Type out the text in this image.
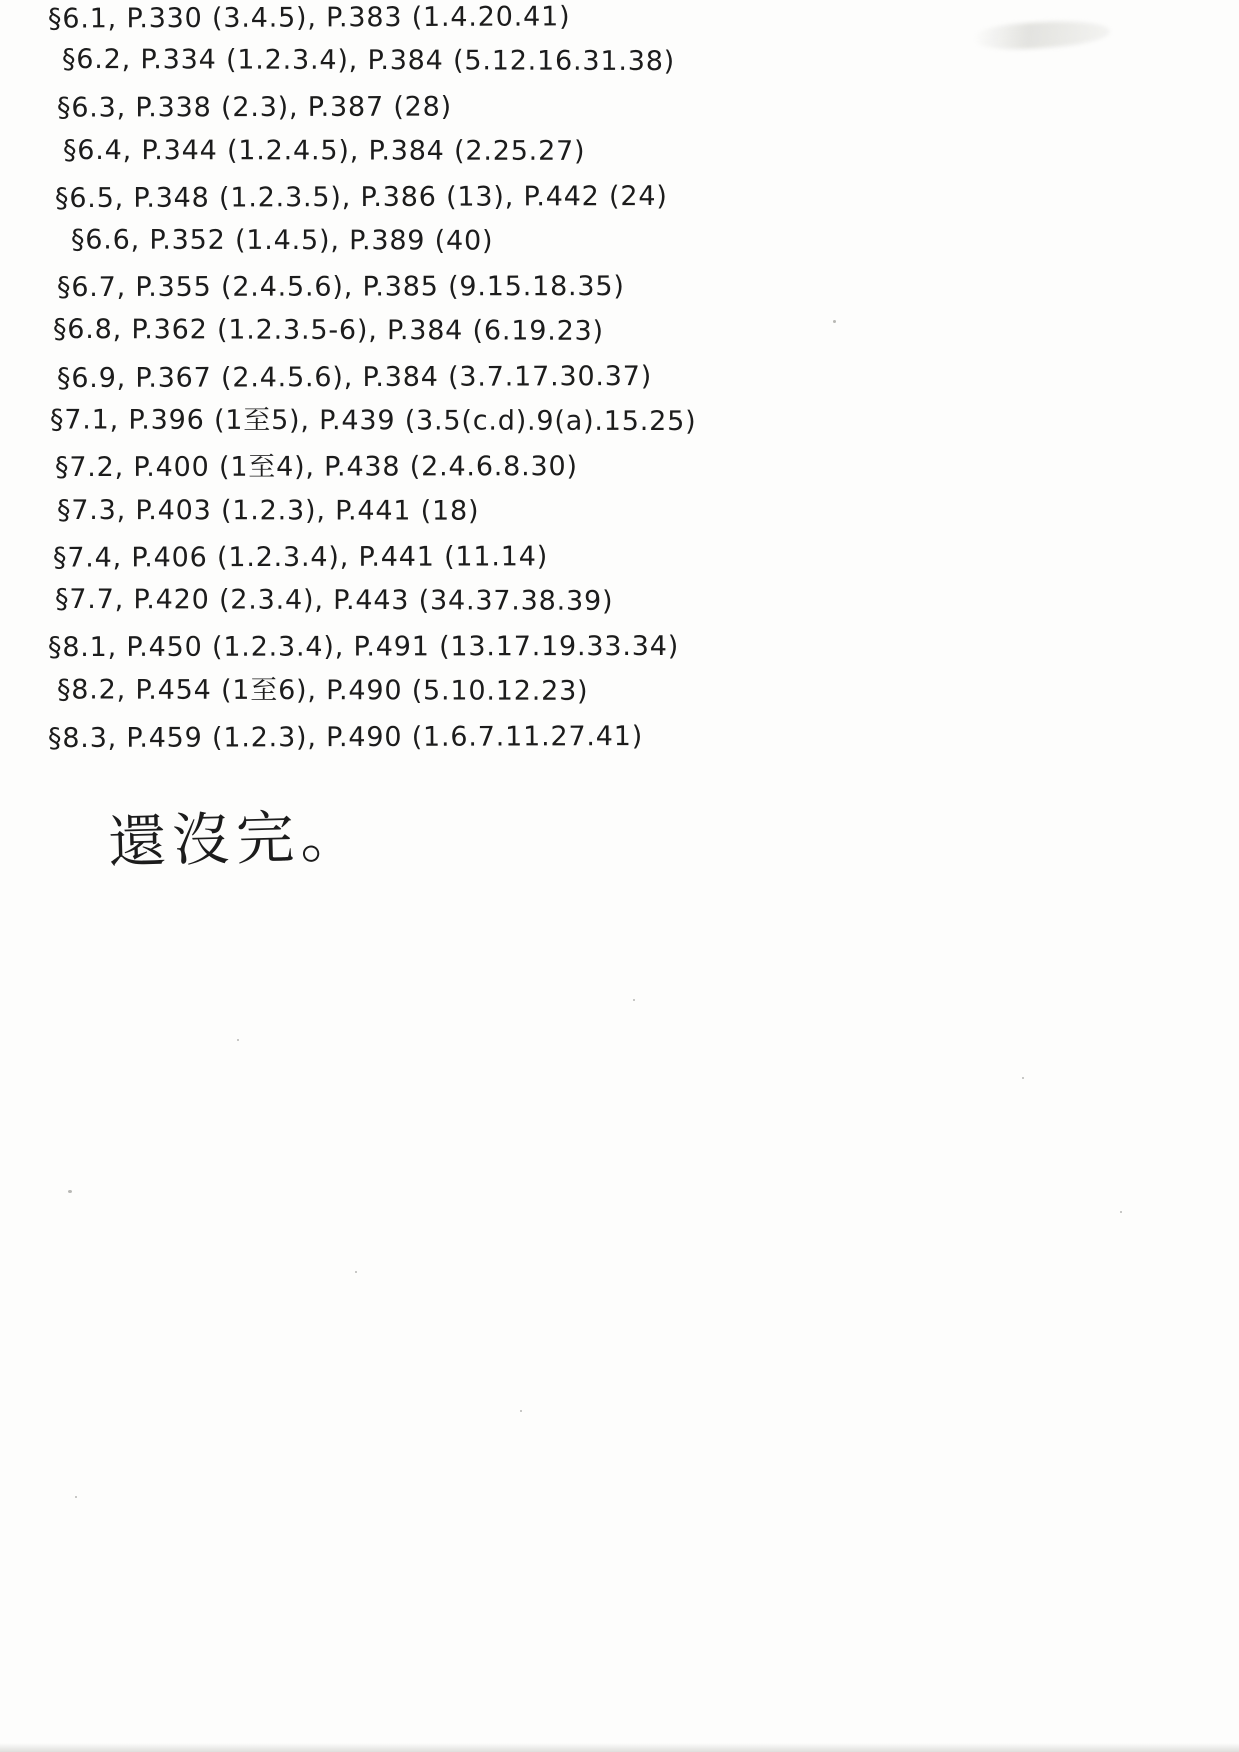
§6.1, P.330 (3.4.5), P.383 (1.4.20.41)
§6.2, P.334 (1.2.3.4), P.384 (5.12.16.31.38)
§6.3, P.338 (2.3), P.387 (28)
§6.4, P.344 (1.2.4.5), P.384 (2.25.27)
§6.5, P.348 (1.2.3.5), P.386 (13), P.442 (24)
§6.6, P.352 (1.4.5), P.389 (40)
§6.7, P.355 (2.4.5.6), P.385 (9.15.18.35)
§6.8, P.362 (1.2.3.5-6), P.384 (6.19.23)
§6.9, P.367 (2.4.5.6), P.384 (3.7.17.30.37)
§7.1, P.396 (1至5), P.439 (3.5(c.d).9(a).15.25)
§7.2, P.400 (1至4), P.438 (2.4.6.8.30)
§7.3, P.403 (1.2.3), P.441 (18)
§7.4, P.406 (1.2.3.4), P.441 (11.14)
§7.7, P.420 (2.3.4), P.443 (34.37.38.39)
§8.1, P.450 (1.2.3.4), P.491 (13.17.19.33.34)
§8.2, P.454 (1至6), P.490 (5.10.12.23)
§8.3, P.459 (1.2.3), P.490 (1.6.7.11.27.41)
還沒完。
